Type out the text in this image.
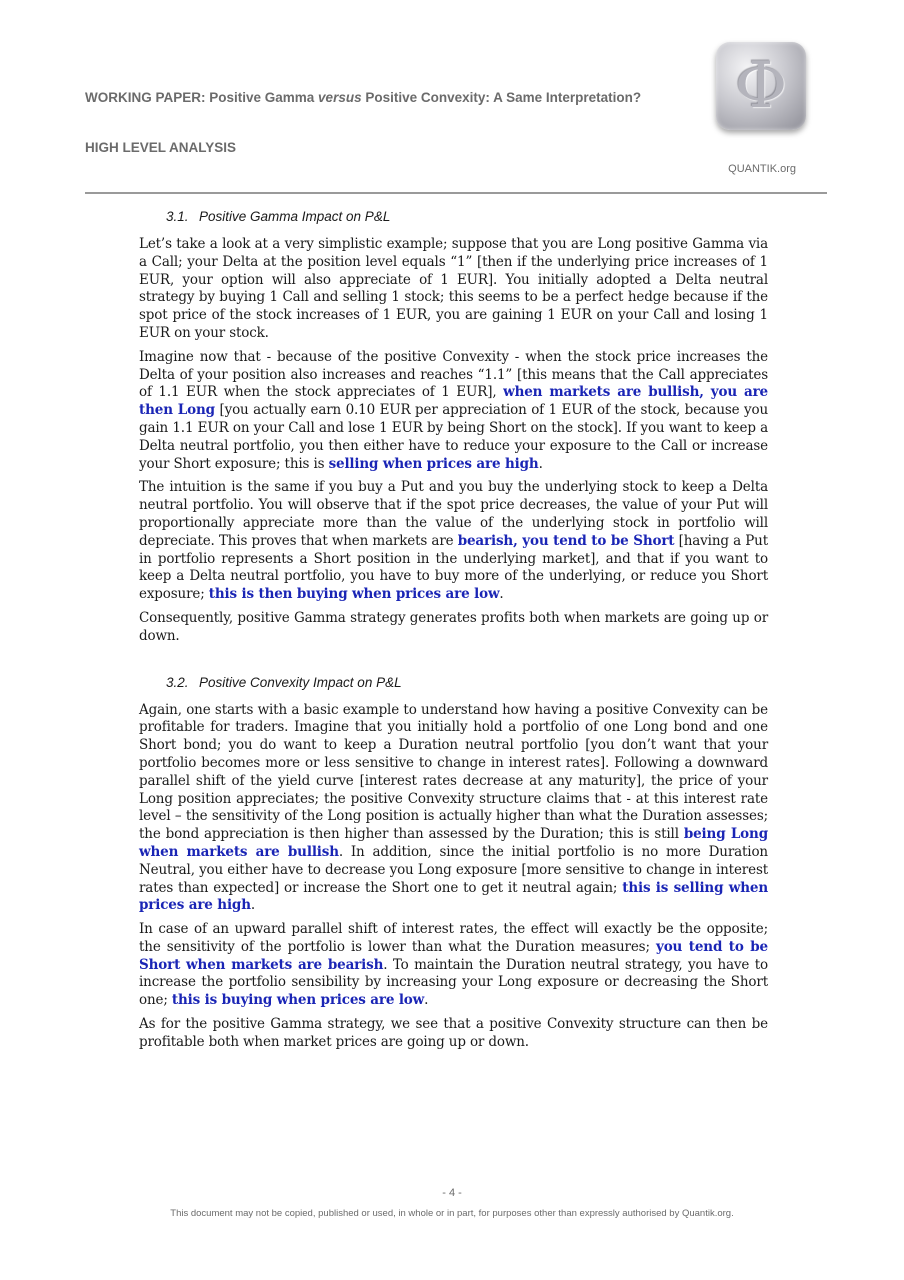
WORKING PAPER: Positive Gamma versus Positive Convexity: A Same Interpretation?
HIGH LEVEL ANALYSIS
Φ
QUANTIK.org
3.1. Positive Gamma Impact on P&L

Let’s take a look at a very simplistic example; suppose that you are Long positive Gamma via a Call; your Delta at the position level equals “1” [then if the underlying price increases of 1 EUR, your option will also appreciate of 1 EUR]. You initially adopted a Delta neutral strategy by buying 1 Call and selling 1 stock; this seems to be a perfect hedge because if the spot price of the stock increases of 1 EUR, you are gaining 1 EUR on your Call and losing 1 EUR on your stock.

Imagine now that - because of the positive Convexity - when the stock price increases the Delta of your position also increases and reaches “1.1” [this means that the Call appreciates of 1.1 EUR when the stock appreciates of 1 EUR], when markets are bullish, you are then Long [you actually earn 0.10 EUR per appreciation of 1 EUR of the stock, because you gain 1.1 EUR on your Call and lose 1 EUR by being Short on the stock]. If you want to keep a Delta neutral portfolio, you then either have to reduce your exposure to the Call or increase your Short exposure; this is selling when prices are high.

The intuition is the same if you buy a Put and you buy the underlying stock to keep a Delta neutral portfolio. You will observe that if the spot price decreases, the value of your Put will proportionally appreciate more than the value of the underlying stock in portfolio will depreciate. This proves that when markets are bearish, you tend to be Short [having a Put in portfolio represents a Short position in the underlying market], and that if you want to keep a Delta neutral portfolio, you have to buy more of the underlying, or reduce you Short exposure; this is then buying when prices are low.

Consequently, positive Gamma strategy generates profits both when markets are going up or down.

3.2. Positive Convexity Impact on P&L

Again, one starts with a basic example to understand how having a positive Convexity can be profitable for traders. Imagine that you initially hold a portfolio of one Long bond and one Short bond; you do want to keep a Duration neutral portfolio [you don’t want that your portfolio becomes more or less sensitive to change in interest rates]. Following a downward parallel shift of the yield curve [interest rates decrease at any maturity], the price of your Long position appreciates; the positive Convexity structure claims that - at this interest rate level – the sensitivity of the Long position is actually higher than what the Duration assesses; the bond appreciation is then higher than assessed by the Duration; this is still being Long when markets are bullish. In addition, since the initial portfolio is no more Duration Neutral, you either have to decrease you Long exposure [more sensitive to change in interest rates than expected] or increase the Short one to get it neutral again; this is selling when prices are high.

In case of an upward parallel shift of interest rates, the effect will exactly be the opposite; the sensitivity of the portfolio is lower than what the Duration measures; you tend to be Short when markets are bearish. To maintain the Duration neutral strategy, you have to increase the portfolio sensibility by increasing your Long exposure or decreasing the Short one; this is buying when prices are low.

As for the positive Gamma strategy, we see that a positive Convexity structure can then be profitable both when market prices are going up or down.

- 4 -
This document may not be copied, published or used, in whole or in part, for purposes other than expressly authorised by Quantik.org.
